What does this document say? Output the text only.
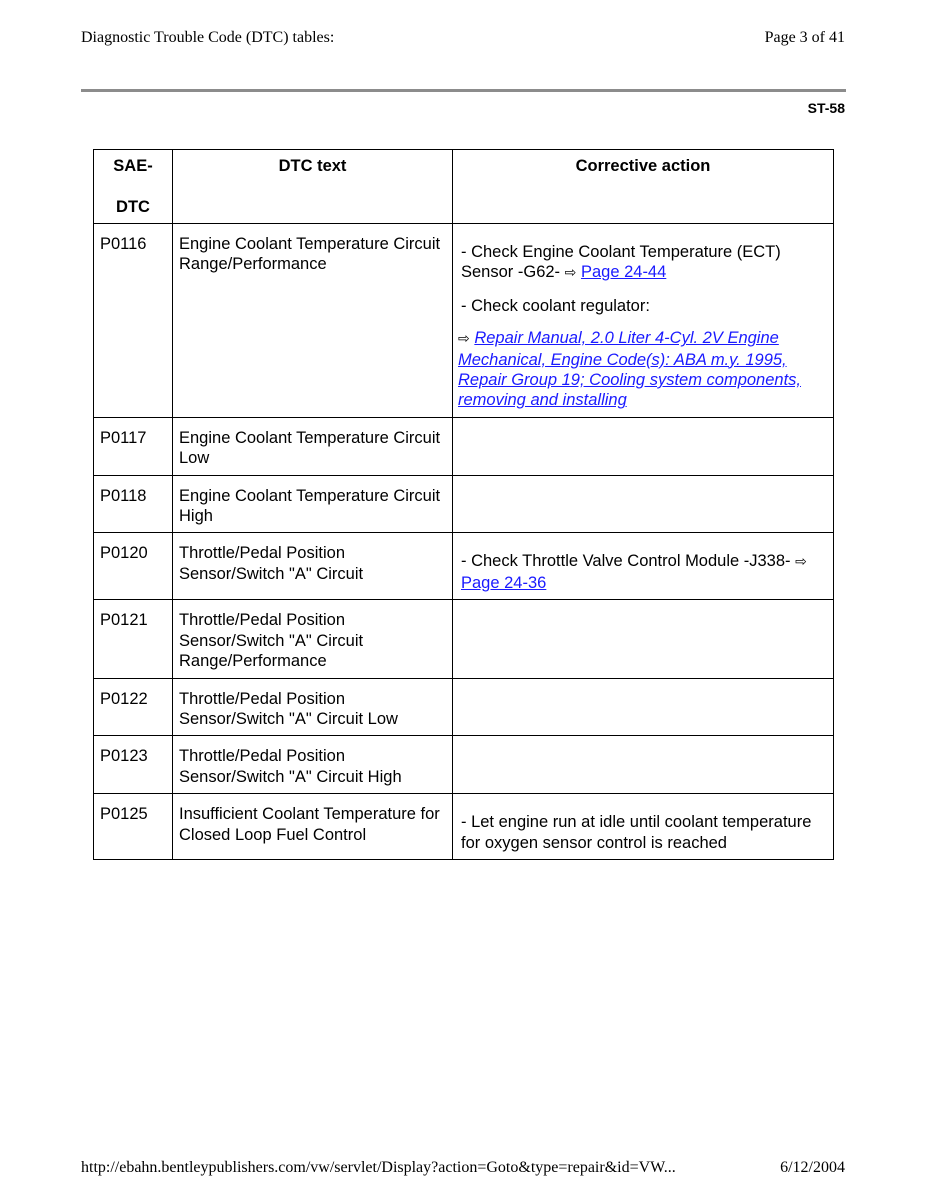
Diagnostic Trouble Code (DTC) tables:	Page 3 of 41
ST-58
SAE-
DTC	DTC text	Corrective action
P0116	Engine Coolant Temperature Circuit Range/Performance	- Check Engine Coolant Temperature (ECT) Sensor -G62- ⇨ Page 24-44

- Check coolant regulator:

⇨ Repair Manual, 2.0 Liter 4-Cyl. 2V Engine Mechanical, Engine Code(s): ABA m.y. 1995, Repair Group 19; Cooling system components, removing and installing

P0117	Engine Coolant Temperature Circuit Low	
P0118	Engine Coolant Temperature Circuit High	
P0120	Throttle/Pedal Position Sensor/Switch "A" Circuit	- Check Throttle Valve Control Module -J338- ⇨ Page 24-36

P0121	Throttle/Pedal Position Sensor/Switch "A" Circuit Range/Performance	
P0122	Throttle/Pedal Position Sensor/Switch "A" Circuit Low	
P0123	Throttle/Pedal Position Sensor/Switch "A" Circuit High	
P0125	Insufficient Coolant Temperature for Closed Loop Fuel Control	- Let engine run at idle until coolant temperature for oxygen sensor control is reached

http://ebahn.bentleypublishers.com/vw/servlet/Display?action=Goto&type=repair&id=VW...	6/12/2004
